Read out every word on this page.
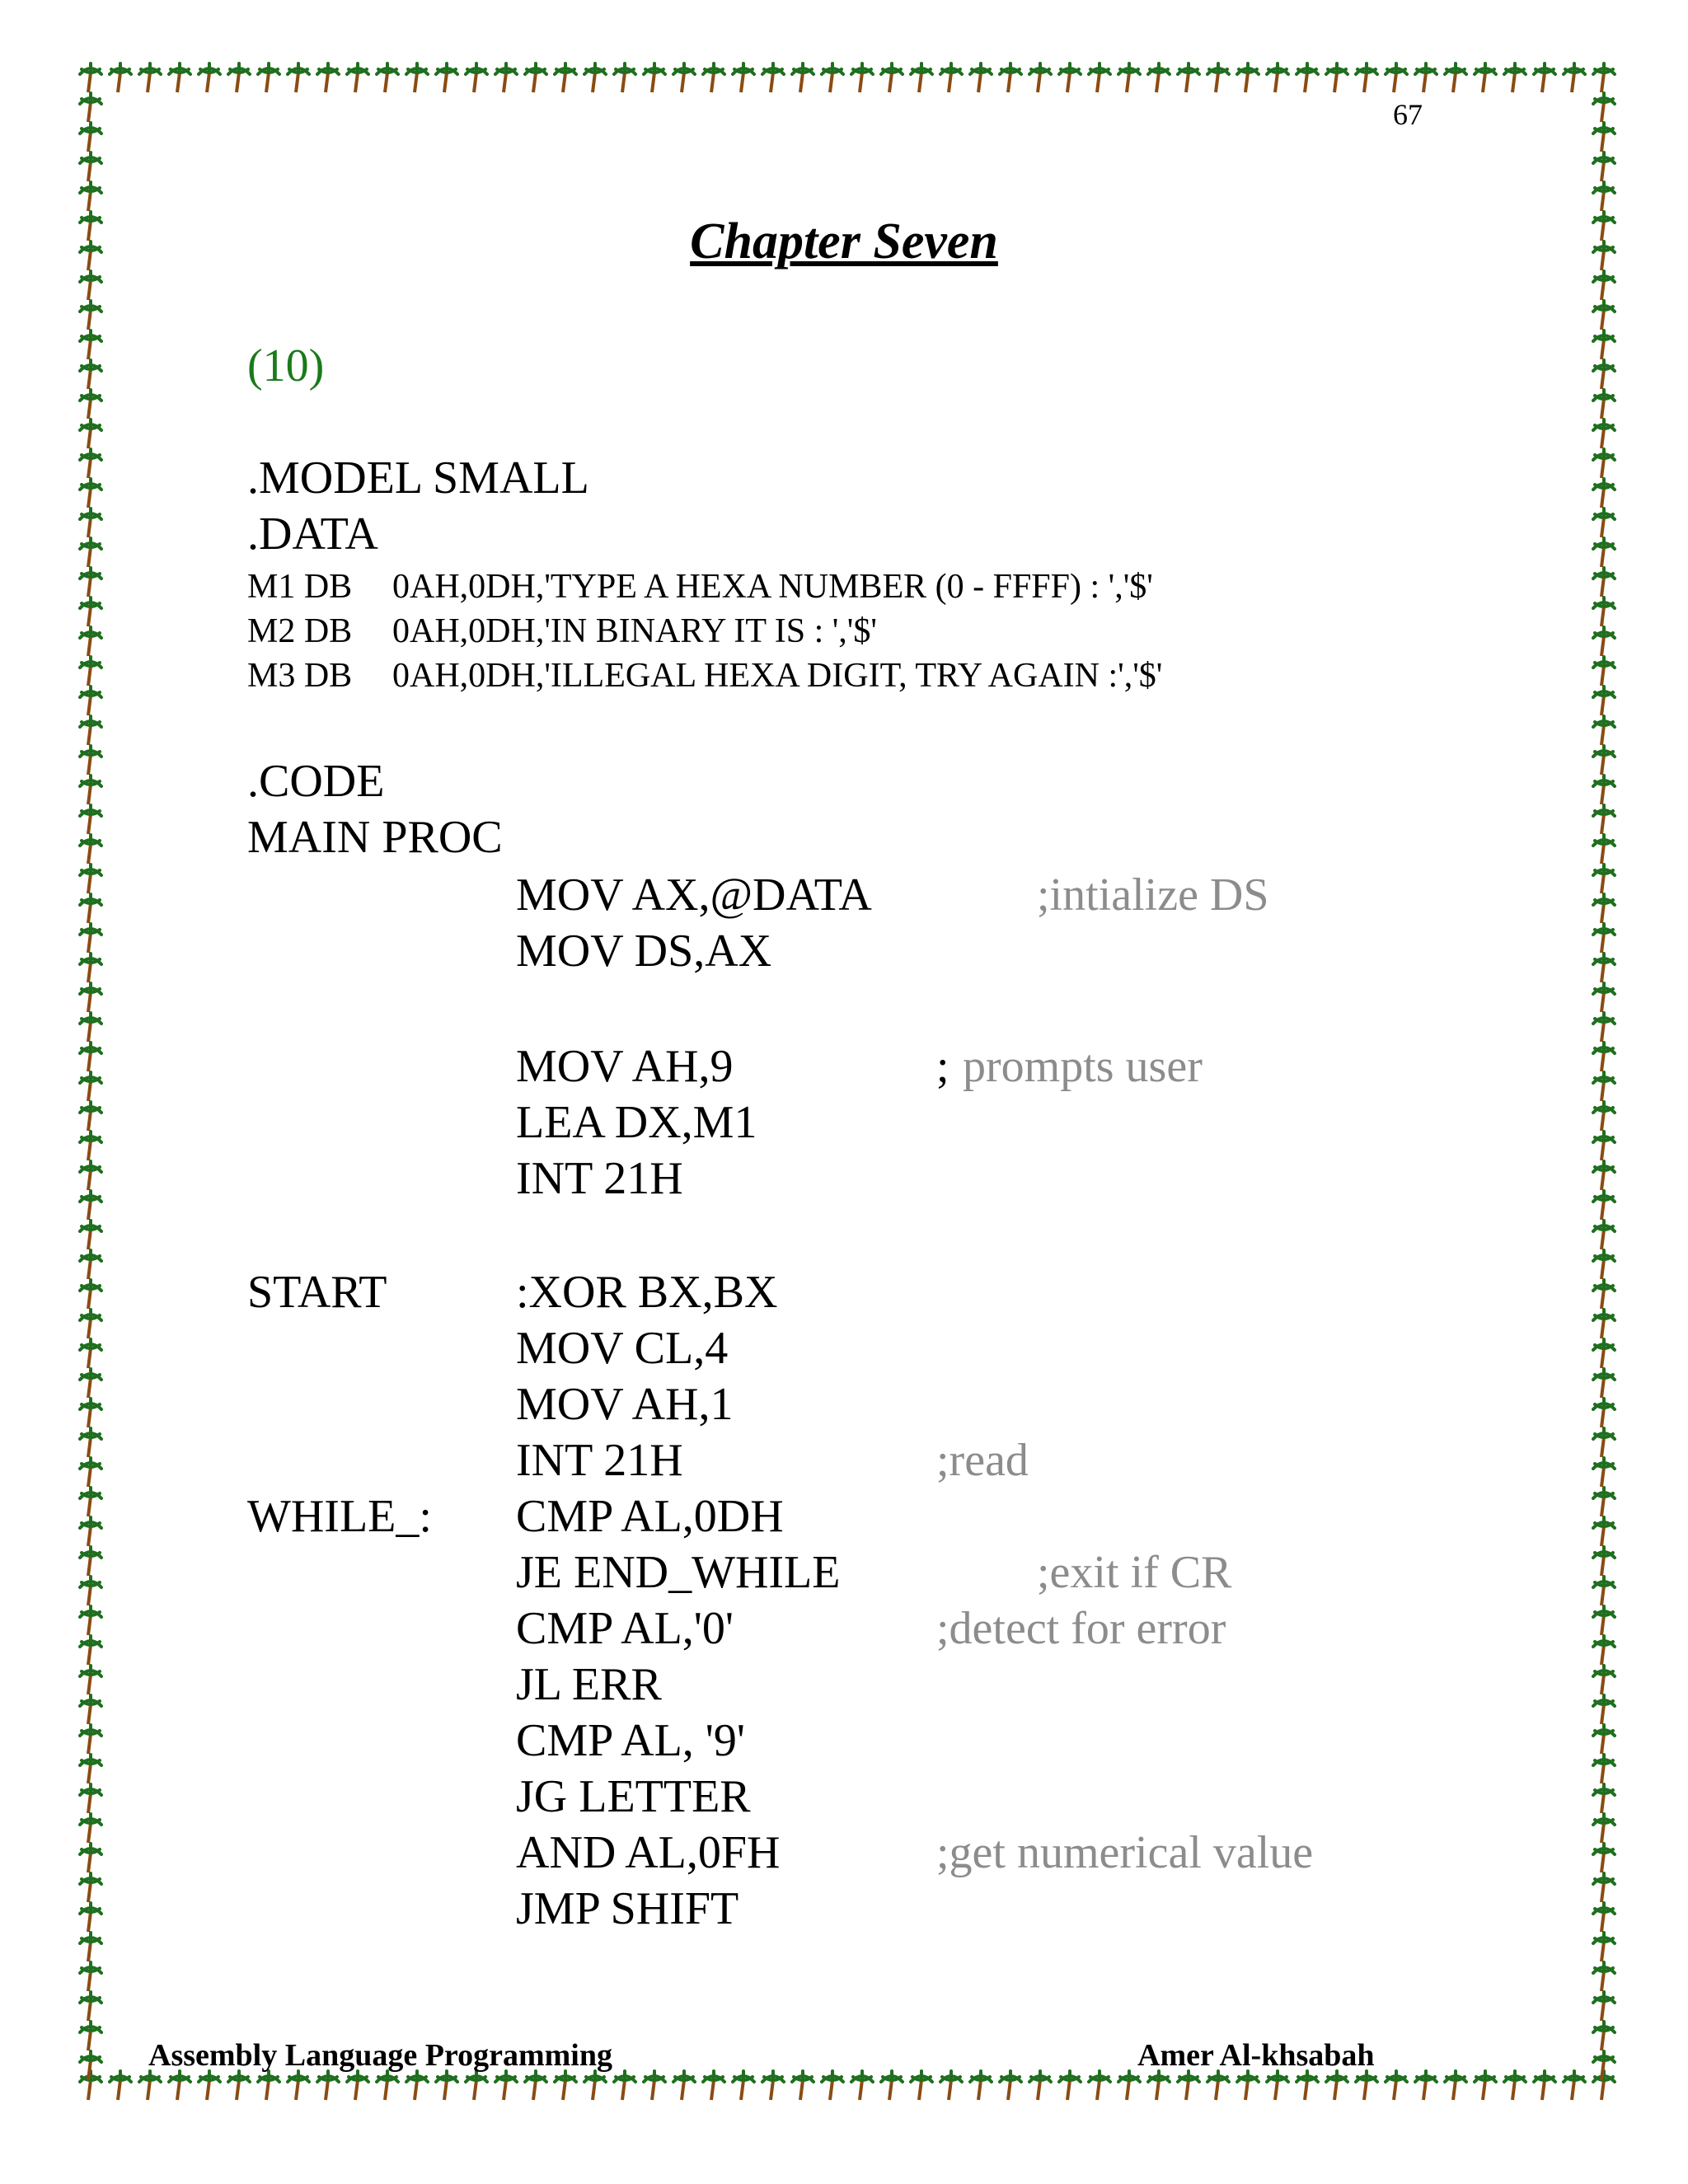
67
Chapter Seven
(10)
.MODEL SMALL
.DATA
M1 DB 0AH,0DH,'TYPE A HEXA NUMBER (0 - FFFF) : ','$'
M2 DB 0AH,0DH,'IN BINARY IT IS : ','$'
M3 DB 0AH,0DH,'ILLEGAL HEXA DIGIT, TRY AGAIN :','$'
.CODE
MAIN PROC
MOV AX,@DATA	;intialize DS
MOV DS,AX
MOV AH,9	; prompts user
LEA DX,M1
INT 21H
START	:XOR BX,BX
MOV CL,4
MOV AH,1
INT 21H	;read
WHILE_: CMP AL,0DH
JE END_WHILE	;exit if CR
CMP AL,'0'	;detect for error
JL ERR
CMP AL, '9'
JG LETTER
AND AL,0FH	;get numerical value
JMP SHIFT
Assembly Language Programming	Amer Al-khsabah
